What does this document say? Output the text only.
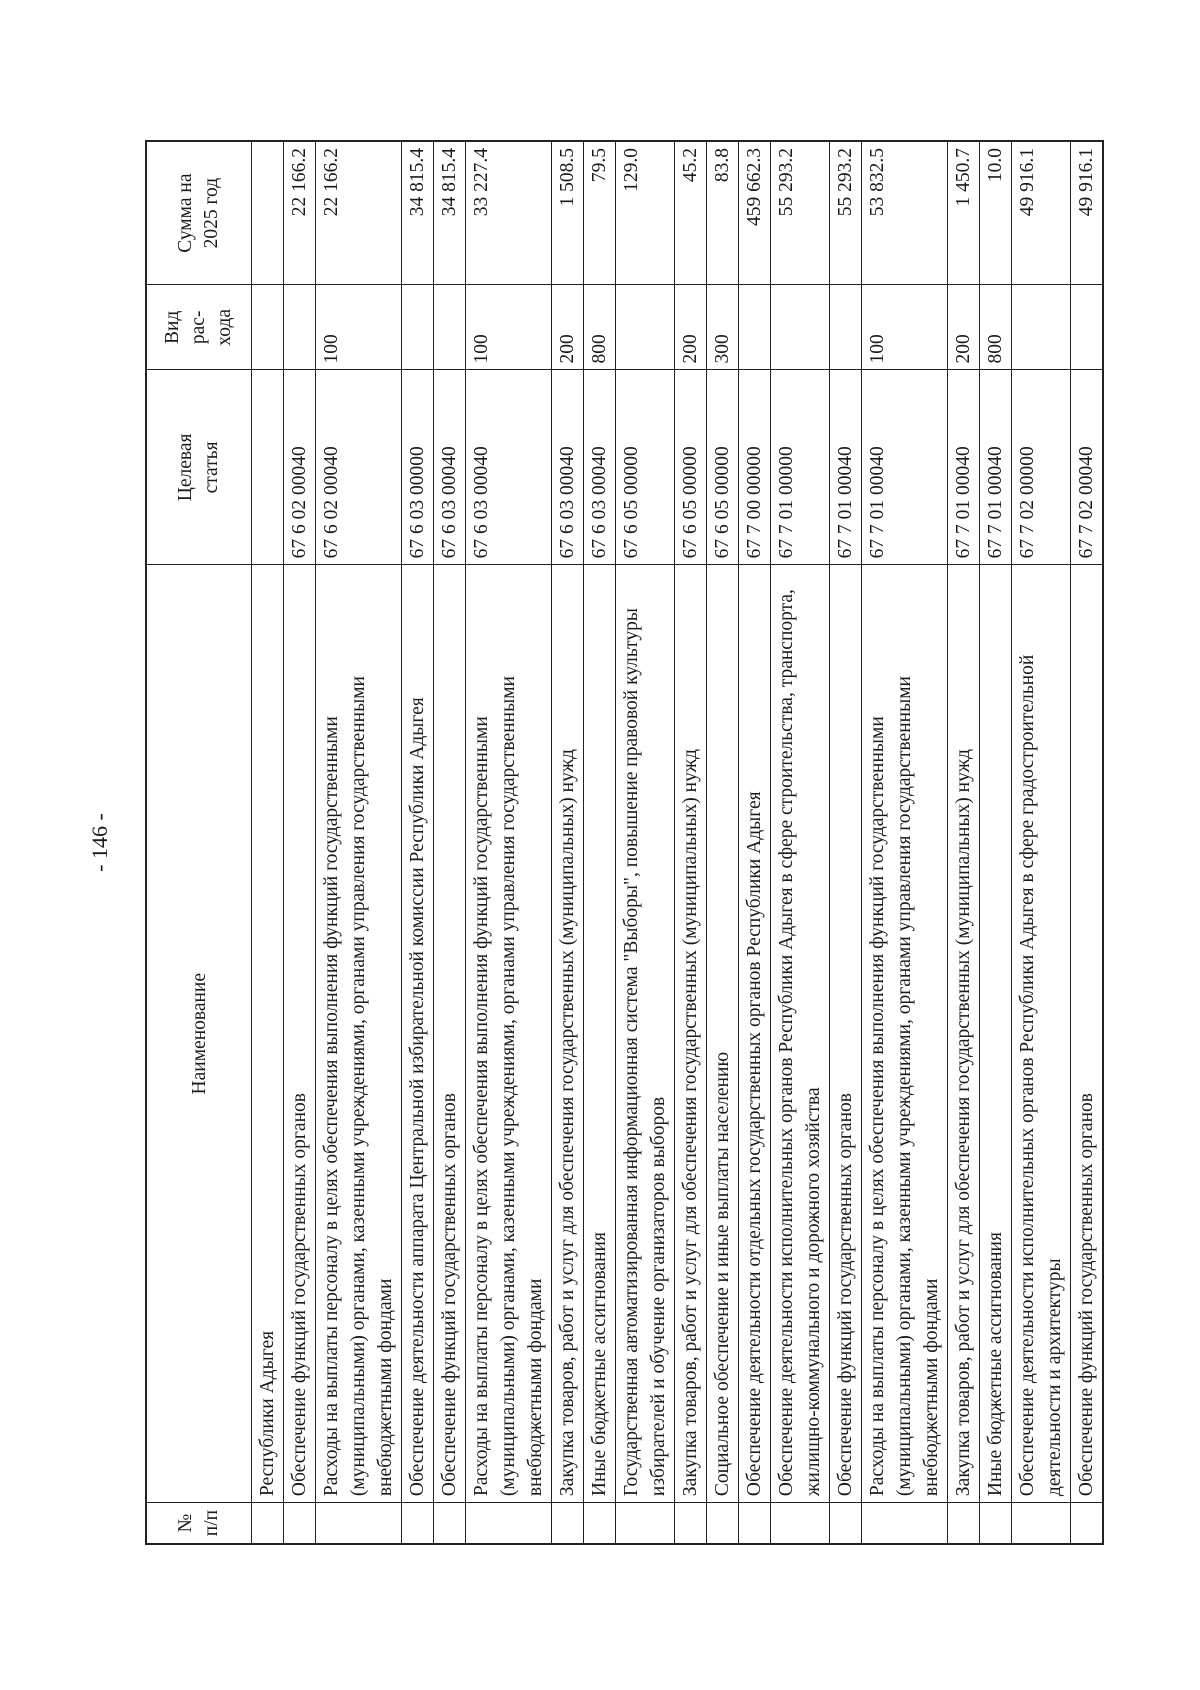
- 146 -
№ п/п	Наименование	Целевая статья	Вид рас- хода	Сумма на 2025 год

	Республики Адыгея			
	Обеспечение функций государственных органов	67 6 02 00040		22 166.2
	Расходы на выплаты персоналу в целях обеспечения выполнения функций государственными (муниципальными) органами, казенными учреждениями, органами управления государственными внебюджетными фондами	67 6 02 00040	100	22 166.2
	Обеспечение деятельности аппарата Центральной избирательной комиссии Республики Адыгея	67 6 03 00000		34 815.4
	Обеспечение функций государственных органов	67 6 03 00040		34 815.4
	Расходы на выплаты персоналу в целях обеспечения выполнения функций государственными (муниципальными) органами, казенными учреждениями, органами управления государственными внебюджетными фондами	67 6 03 00040	100	33 227.4
	Закупка товаров, работ и услуг для обеспечения государственных (муниципальных) нужд	67 6 03 00040	200	1 508.5
	Иные бюджетные ассигнования	67 6 03 00040	800	79.5
	Государственная автоматизированная информационная система "Выборы", повышение правовой культуры избирателей и обучение организаторов выборов	67 6 05 00000		129.0
	Закупка товаров, работ и услуг для обеспечения государственных (муниципальных) нужд	67 6 05 00000	200	45.2
	Социальное обеспечение и иные выплаты населению	67 6 05 00000	300	83.8
	Обеспечение деятельности отдельных государственных органов Республики Адыгея	67 7 00 00000		459 662.3
	Обеспечение деятельности исполнительных органов Республики Адыгея в сфере строительства, транспорта, жилищно-коммунального и дорожного хозяйства	67 7 01 00000		55 293.2
	Обеспечение функций государственных органов	67 7 01 00040		55 293.2
	Расходы на выплаты персоналу в целях обеспечения выполнения функций государственными (муниципальными) органами, казенными учреждениями, органами управления государственными внебюджетными фондами	67 7 01 00040	100	53 832.5
	Закупка товаров, работ и услуг для обеспечения государственных (муниципальных) нужд	67 7 01 00040	200	1 450.7
	Иные бюджетные ассигнования	67 7 01 00040	800	10.0
	Обеспечение деятельности исполнительных органов Республики Адыгея в сфере градостроительной деятельности и архитектуры	67 7 02 00000		49 916.1
	Обеспечение функций государственных органов	67 7 02 00040		49 916.1
